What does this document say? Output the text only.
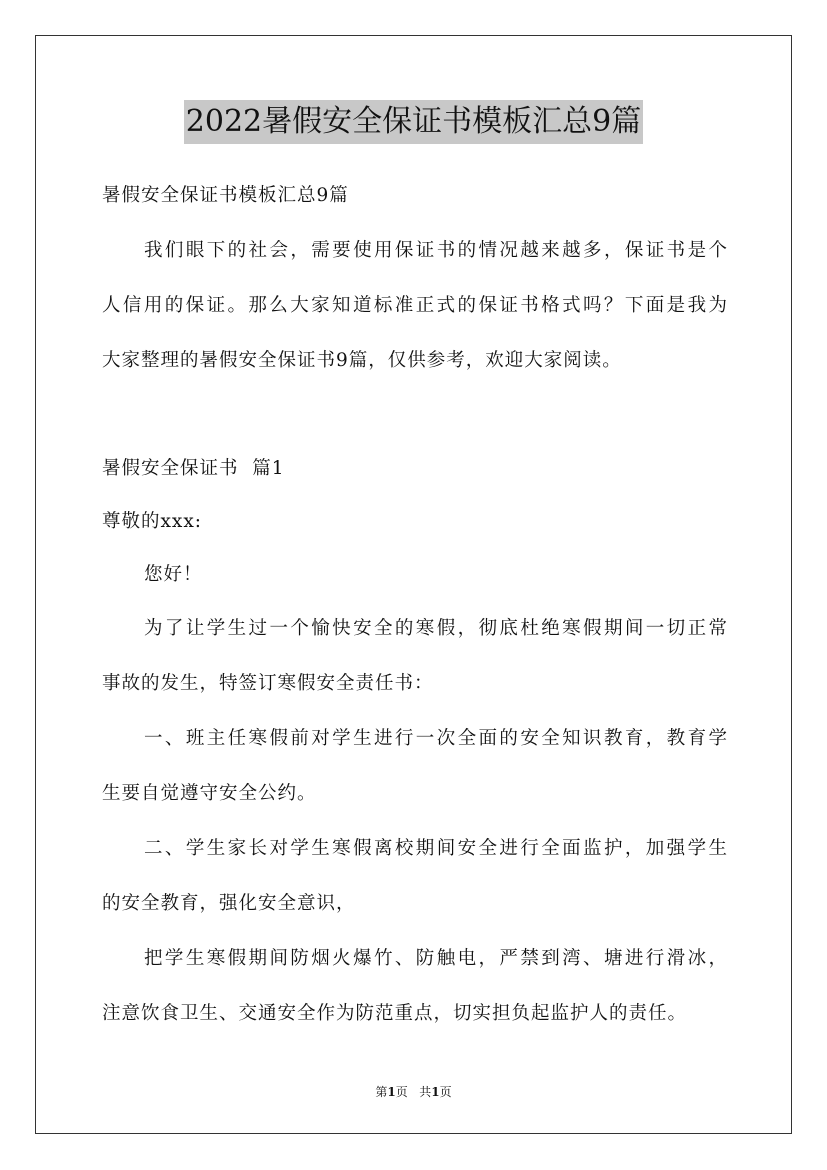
2022暑假安全保证书模板汇总9篇
暑假安全保证书模板汇总9篇
我们眼下的社会，需要使用保证书的情况越来越多，保证书是个
人信用的保证。那么大家知道标准正式的保证书格式吗？下面是我为
大家整理的暑假安全保证书9篇，仅供参考，欢迎大家阅读。
暑假安全保证书  篇1
尊敬的xxx:
您好！
为了让学生过一个愉快安全的寒假，彻底杜绝寒假期间一切正常
事故的发生，特签订寒假安全责任书：
一、班主任寒假前对学生进行一次全面的安全知识教育，教育学
生要自觉遵守安全公约。
二、学生家长对学生寒假离校期间安全进行全面监护，加强学生
的安全教育，强化安全意识，
把学生寒假期间防烟火爆竹、防触电，严禁到湾、塘进行滑冰，
注意饮食卫生、交通安全作为防范重点，切实担负起监护人的责任。
第1页 共1页
